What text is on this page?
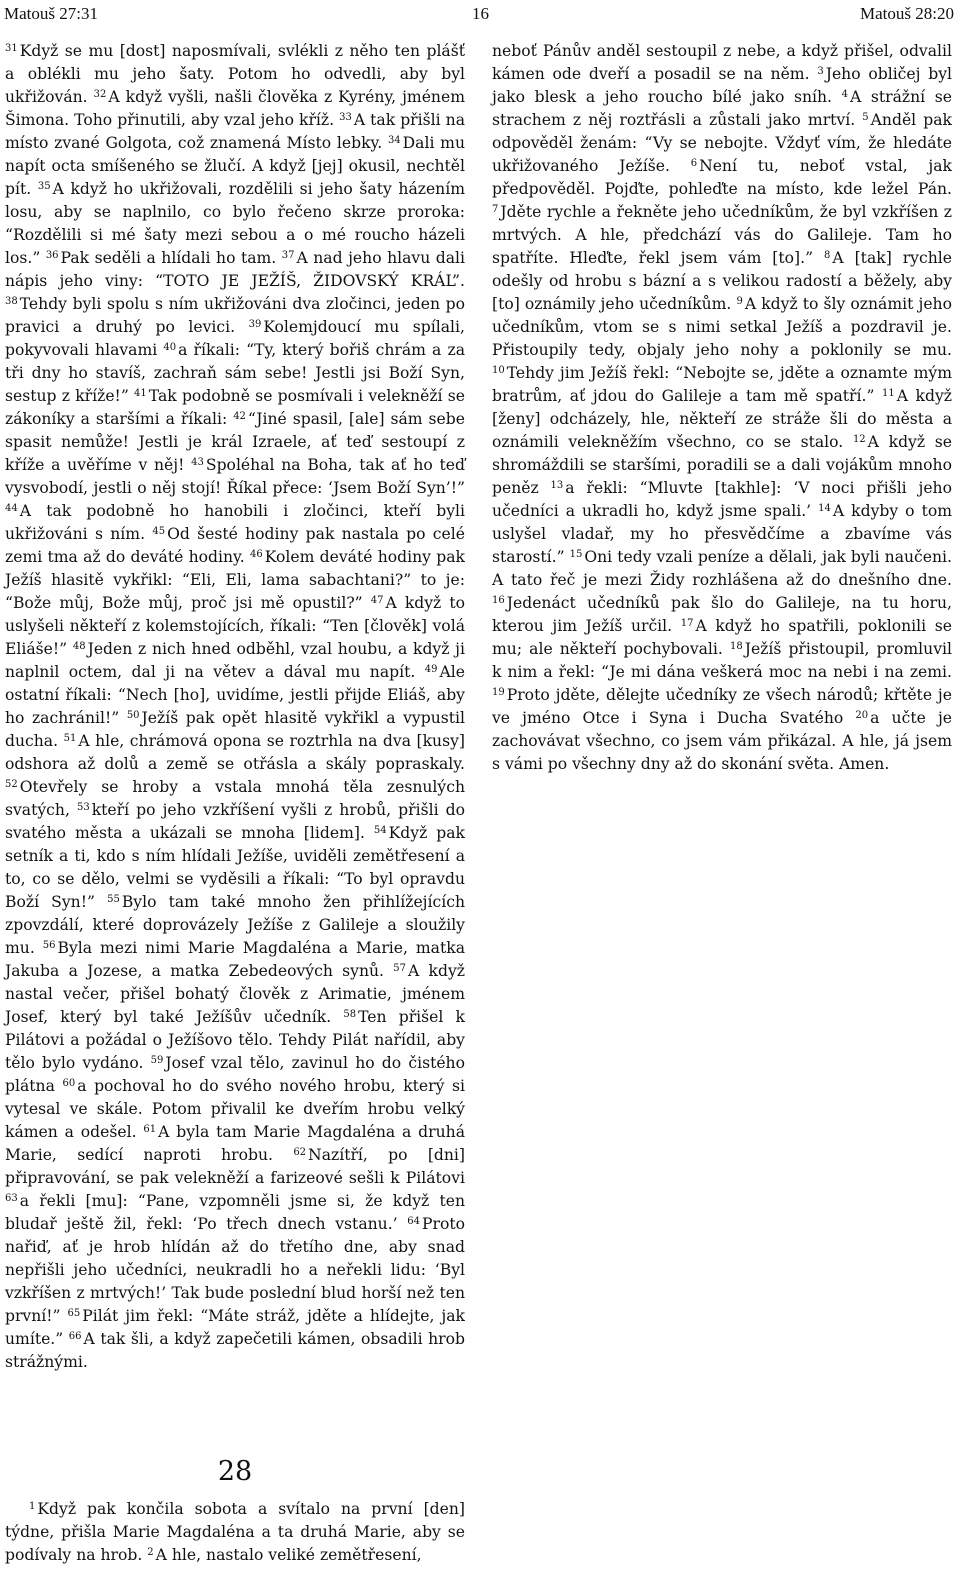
Matouš 27:31	16	Matouš 28:20
$^{31}$ Když se mu [dost] naposmívali, svlékli z něho ten plášť a oblékli mu jeho šaty. Potom ho odvedli, aby byl ukřižován. $^{32}$ A když vyšli, našli člověka z Kyrény, jménem Šimona. Toho přinutili, aby vzal jeho kříž. $^{33}$ A tak přišli na místo zvané Golgota, což znamená Místo lebky. $^{34}$ Dali mu napít octa smíšeného se žlučí. A když [jej] okusil, nechtěl pít. $^{35}$ A když ho ukřižovali, rozdělili si jeho šaty házením losu, aby se naplnilo, co bylo řečeno skrze proroka: “Rozdělili si mé šaty mezi sebou a o mé roucho házeli los.” $^{36}$ Pak seděli a hlídali ho tam. $^{37}$ A nad jeho hlavu dali nápis jeho viny: “TOTO JE JEŽÍŠ, ŽIDOVSKÝ KRÁL”. $^{38}$ Tehdy byli spolu s ním ukřižováni dva zločinci, jeden po pravici a druhý po levici. $^{39}$ Kolemjdoucí mu spílali, pokyvovali hlavami $^{40}$ a říkali: “Ty, který bořiš chrám a za tři dny ho stavíš, zachraň sám sebe! Jestli jsi Boží Syn, sestup z kříže!” $^{41}$ Tak podobně se posmívali i velekněží se zákoníky a staršími a říkali: $^{42}$ “Jiné spasil, [ale] sám sebe spasit nemůže! Jestli je král Izraele, ať teď sestoupí z kříže a uvěříme v něj! $^{43}$ Spoléhal na Boha, tak ať ho teď vysvobodí, jestli o něj stojí! Říkal přece: ‘Jsem Boží Syn’!” $^{44}$ A tak podobně ho hanobili i zločinci, kteří byli ukřižováni s ním. $^{45}$ Od šesté hodiny pak nastala po celé zemi tma až do deváté hodiny. $^{46}$ Kolem deváté hodiny pak Ježíš hlasitě vykřikl: “Eli, Eli, lama sabachtani?” to je: “Bože můj, Bože můj, proč jsi mě opustil?” $^{47}$ A když to uslyšeli někteří z kolemstojících, říkali: “Ten [člověk] volá Eliáše!” $^{48}$ Jeden z nich hned odběhl, vzal houbu, a když ji naplnil octem, dal ji na větev a dával mu napít. $^{49}$ Ale ostatní říkali: “Nech [ho], uvidíme, jestli přijde Eliáš, aby ho zachránil!” $^{50}$ Ježíš pak opět hlasitě vykřikl a vypustil ducha. $^{51}$ A hle, chrámová opona se roztrhla na dva [kusy] odshora až dolů a země se otřásla a skály popraskaly. $^{52}$ Otevřely se hroby a vstala mnohá těla zesnulých svatých, $^{53}$ kteří po jeho vzkříšení vyšli z hrobů, přišli do svatého města a ukázali se mnoha [lidem]. $^{54}$ Když pak setník a ti, kdo s ním hlídali Ježíše, uviděli zemětřesení a to, co se dělo, velmi se vyděsili a říkali: “To byl opravdu Boží Syn!” $^{55}$ Bylo tam také mnoho žen přihlížejících zpovzdálí, které doprovázely Ježíše z Galileje a sloužily mu. $^{56}$ Byla mezi nimi Marie Magdaléna a Marie, matka Jakuba a Jozese, a matka Zebedeových synů. $^{57}$ A když nastal večer, přišel bohatý člověk z Arimatie, jménem Josef, který byl také Ježíšův učedník. $^{58}$ Ten přišel k Pilátovi a požádal o Ježíšovo tělo. Tehdy Pilát nařídil, aby tělo bylo vydáno. $^{59}$ Josef vzal tělo, zavinul ho do čistého plátna $^{60}$ a pochoval ho do svého nového hrobu, který si vytesal ve skále. Potom přivalil ke dveřím hrobu velký kámen a odešel. $^{61}$ A byla tam Marie Magdaléna a druhá Marie, sedící naproti hrobu. $^{62}$ Nazítří, po [dni] připravování, se pak velekněží a farizeové sešli k Pilátovi $^{63}$ a řekli [mu]: “Pane, vzpomněli jsme si, že když ten bludař ještě žil, řekl: ‘Po třech dnech vstanu.’ $^{64}$ Proto nařiď, ať je hrob hlídán až do třetího dne, aby snad nepřišli jeho učedníci, neukradli ho a neřekli lidu: ‘Byl vzkříšen z mrtvých!’ Tak bude poslední blud horší než ten první!” $^{65}$ Pilát jim řekl: “Máte stráž, jděte a hlídejte, jak umíte.” $^{66}$ A tak šli, a když zapečetili kámen, obsadili hrob strážnými.
28
$^1$ Když pak končila sobota a svítalo na první [den] týdne, přišla Marie Magdaléna a ta druhá Marie, aby se podívaly na hrob. $^2$ A hle, nastalo veliké zemětřesení,
neboť Pánův anděl sestoupil z nebe, a když přišel, odvalil kámen ode dveří a posadil se na něm. $^3$ Jeho obličej byl jako blesk a jeho roucho bílé jako sníh. $^4$ A strážní se strachem z něj roztřásli a zůstali jako mrtví. $^5$ Anděl pak odpověděl ženám: “Vy se nebojte. Vždyť vím, že hledáte ukřižovaného Ježíše. $^6$ Není tu, neboť vstal, jak předpověděl. Pojďte, pohleďte na místo, kde ležel Pán. $^7$ Jděte rychle a řekněte jeho učedníkům, že byl vzkříšen z mrtvých. A hle, předchází vás do Galileje. Tam ho spatříte. Hleďte, řekl jsem vám [to].” $^8$ A [tak] rychle odešly od hrobu s bázní a s velikou radostí a běžely, aby [to] oznámily jeho učedníkům. $^9$ A když to šly oznámit jeho učedníkům, vtom se s nimi setkal Ježíš a pozdravil je. Přistoupily tedy, objaly jeho nohy a poklonily se mu. $^{10}$ Tehdy jim Ježíš řekl: “Nebojte se, jděte a oznamte mým bratrům, ať jdou do Galileje a tam mě spatří.” $^{11}$ A když [ženy] odcházely, hle, někteří ze stráže šli do města a oznámili velekněžím všechno, co se stalo. $^{12}$ A když se shromáždili se staršími, poradili se a dali vojákům mnoho peněz $^{13}$ a řekli: “Mluvte [takhle]: ‘V noci přišli jeho učedníci a ukradli ho, když jsme spali.’ $^{14}$ A kdyby o tom uslyšel vladař, my ho přesvědčíme a zbavíme vás starostí.” $^{15}$ Oni tedy vzali peníze a dělali, jak byli naučeni. A tato řeč je mezi Židy rozhlášena až do dnešního dne. $^{16}$ Jedenáct učedníků pak šlo do Galileje, na tu horu, kterou jim Ježíš určil. $^{17}$ A když ho spatřili, poklonili se mu; ale někteří pochybovali. $^{18}$ Ježíš přistoupil, promluvil k nim a řekl: “Je mi dána veškerá moc na nebi i na zemi. $^{19}$ Proto jděte, dělejte učedníky ze všech národů; křtěte je ve jméno Otce i Syna i Ducha Svatého $^{20}$ a učte je zachovávat všechno, co jsem vám přikázal. A hle, já jsem s vámi po všechny dny až do skonání světa. Amen.
